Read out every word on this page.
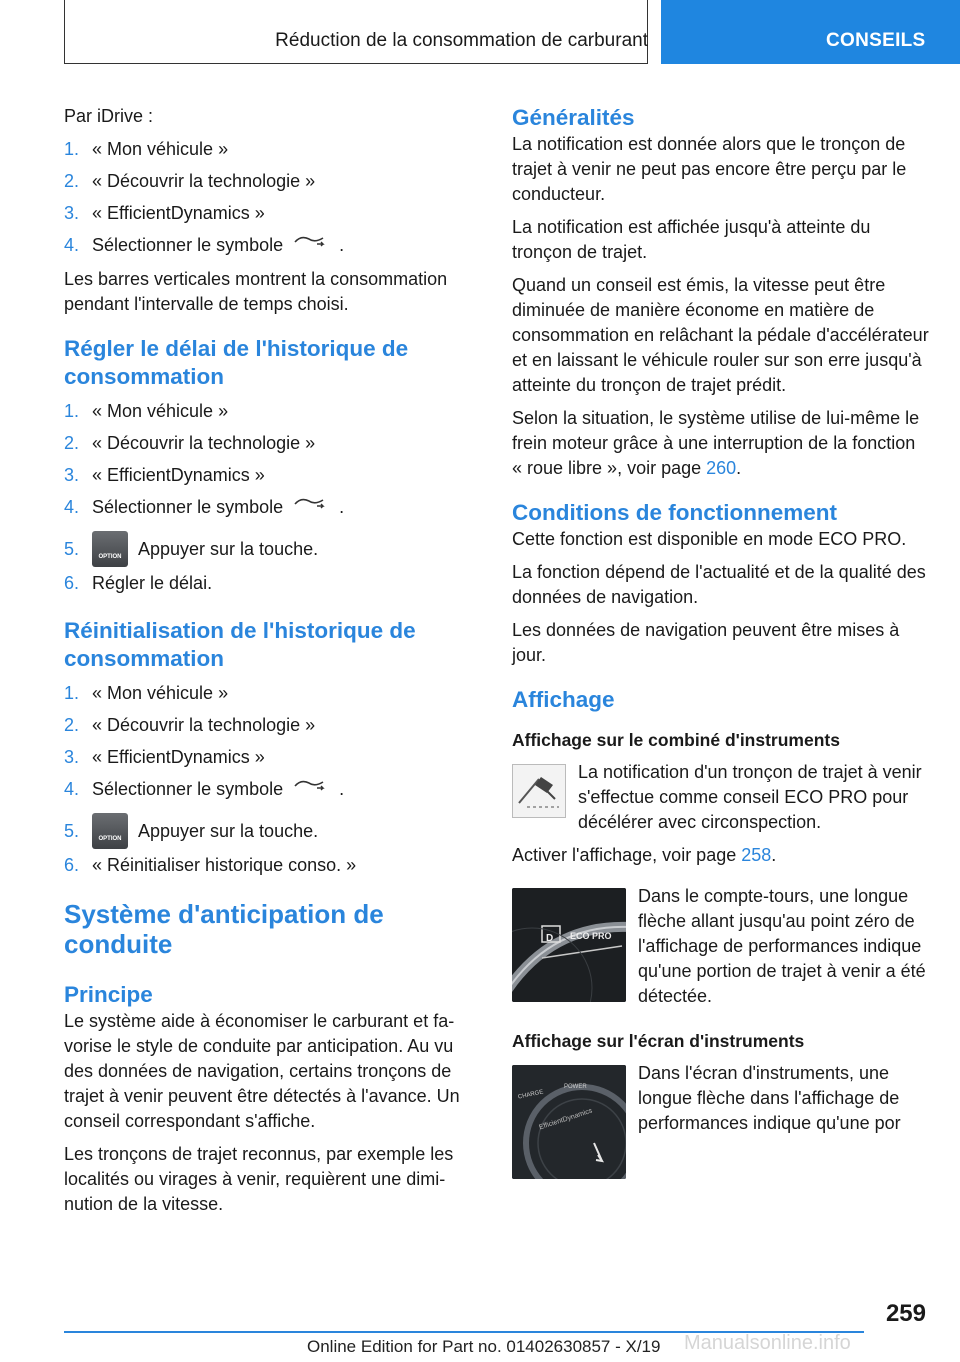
Réduction de la consommation de carburant	CONSEILS

Par iDrive :

1. « Mon véhicule »
2. « Découvrir la technologie »
3. « EfficientDynamics »
4. Sélectionner le symbole	.

Les barres verticales montrent la consommation pendant l'intervalle de temps choisi.

Régler le délai de l'historique de consommation
1. « Mon véhicule »
2. « Découvrir la technologie »
3. « EfficientDynamics »
4. Sélectionner le symbole	.
5.	OPTION Appuyer sur la touche.
6. Régler le délai.
Réinitialisation de l'historique de consommation
1. « Mon véhicule »
2. « Découvrir la technologie »
3. « EfficientDynamics »
4. Sélectionner le symbole	.
5.	OPTION Appuyer sur la touche.
6. « Réinitialiser historique conso. »
Système d'anticipation de conduite
Principe

Le système aide à économiser le carburant et favorise le style de conduite par anticipation. Au vu des données de navigation, certains tronçons de trajet à venir peuvent être détectés à l'avance. Un conseil correspondant s'affiche.

Les tronçons de trajet reconnus, par exemple les localités ou virages à venir, requièrent une diminution de la vitesse.

Généralités

La notification est donnée alors que le tronçon de trajet à venir ne peut pas encore être perçu par le conducteur.

La notification est affichée jusqu'à atteinte du tronçon de trajet.

Quand un conseil est émis, la vitesse peut être diminuée de manière économe en matière de consommation en relâchant la pédale d'accélérateur et en laissant le véhicule rouler sur son erre jusqu'à atteinte du tronçon de trajet prédit.

Selon la situation, le système utilise de lui-même le frein moteur grâce à une interruption de la fonction « roue libre », voir page 260.

Conditions de fonctionnement

Cette fonction est disponible en mode ECO PRO.

La fonction dépend de l'actualité et de la qualité des données de navigation.

Les données de navigation peuvent être mises à jour.

Affichage
Affichage sur le combiné d'instruments
La notification d'un tronçon de trajet à venir s'effectue comme conseil ECO PRO pour décélérer avec circonspection.

Activer l'affichage, voir page 258.

D ECO PRO
Dans le compte-tours, une longue flèche allant jusqu'au point zéro de l'affichage de performances indique qu'une portion de trajet à venir a été détectée.
Affichage sur l'écran d'instruments
CHARGE
POWER
EfficientDynamics
Dans l'écran d'instruments, une longue flèche dans l'affichage de performances indique qu'une por
259
Online Edition for Part no. 01402630857 - X/19 Manualsonline.info
